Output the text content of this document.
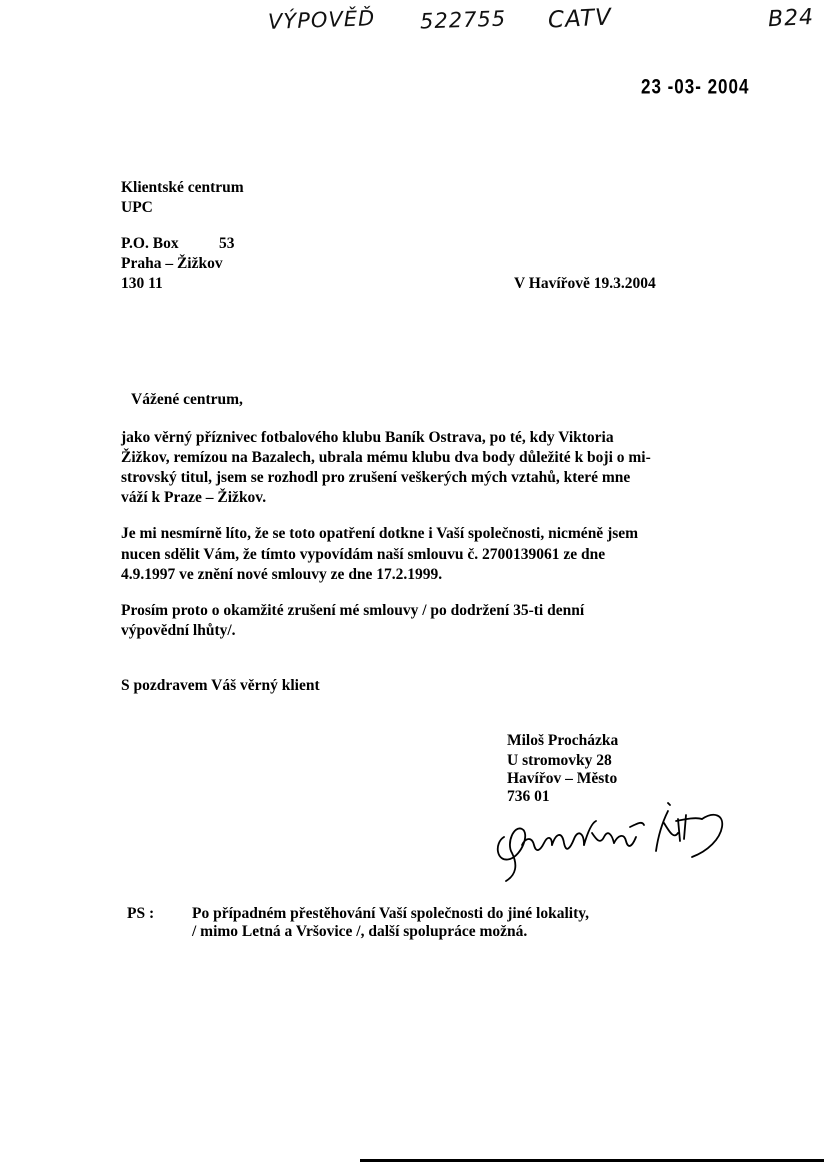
VÝPOVĚĎ 522755 CATV	B24
23 -03- 2004
Klientské centrum
UPC
P.O. Box	53
Praha – Žižkov
130 11	V Havířově 19.3.2004
Vážené centrum,
jako věrný příznivec fotbalového klubu Baník Ostrava, po té, kdy Viktoria
Žižkov, remízou na Bazalech, ubrala mému klubu dva body důležité k boji o mi-
strovský titul, jsem se rozhodl pro zrušení veškerých mých vztahů, které mne
váží k Praze – Žižkov.
Je mi nesmírně líto, že se toto opatření dotkne i Vaší společnosti, nicméně jsem
nucen sdělit Vám, že tímto vypovídám naší smlouvu č. 2700139061 ze dne
4.9.1997 ve znění nové smlouvy ze dne 17.2.1999.
Prosím proto o okamžité zrušení mé smlouvy / po dodržení 35-ti denní
výpovědní lhůty/.
S pozdravem Váš věrný klient
Miloš Procházka
U stromovky 28
Havířov – Město
736 01
PS : Po případném přestěhování Vaší společnosti do jiné lokality,
/ mimo Letná a Vršovice /, další spolupráce možná.
